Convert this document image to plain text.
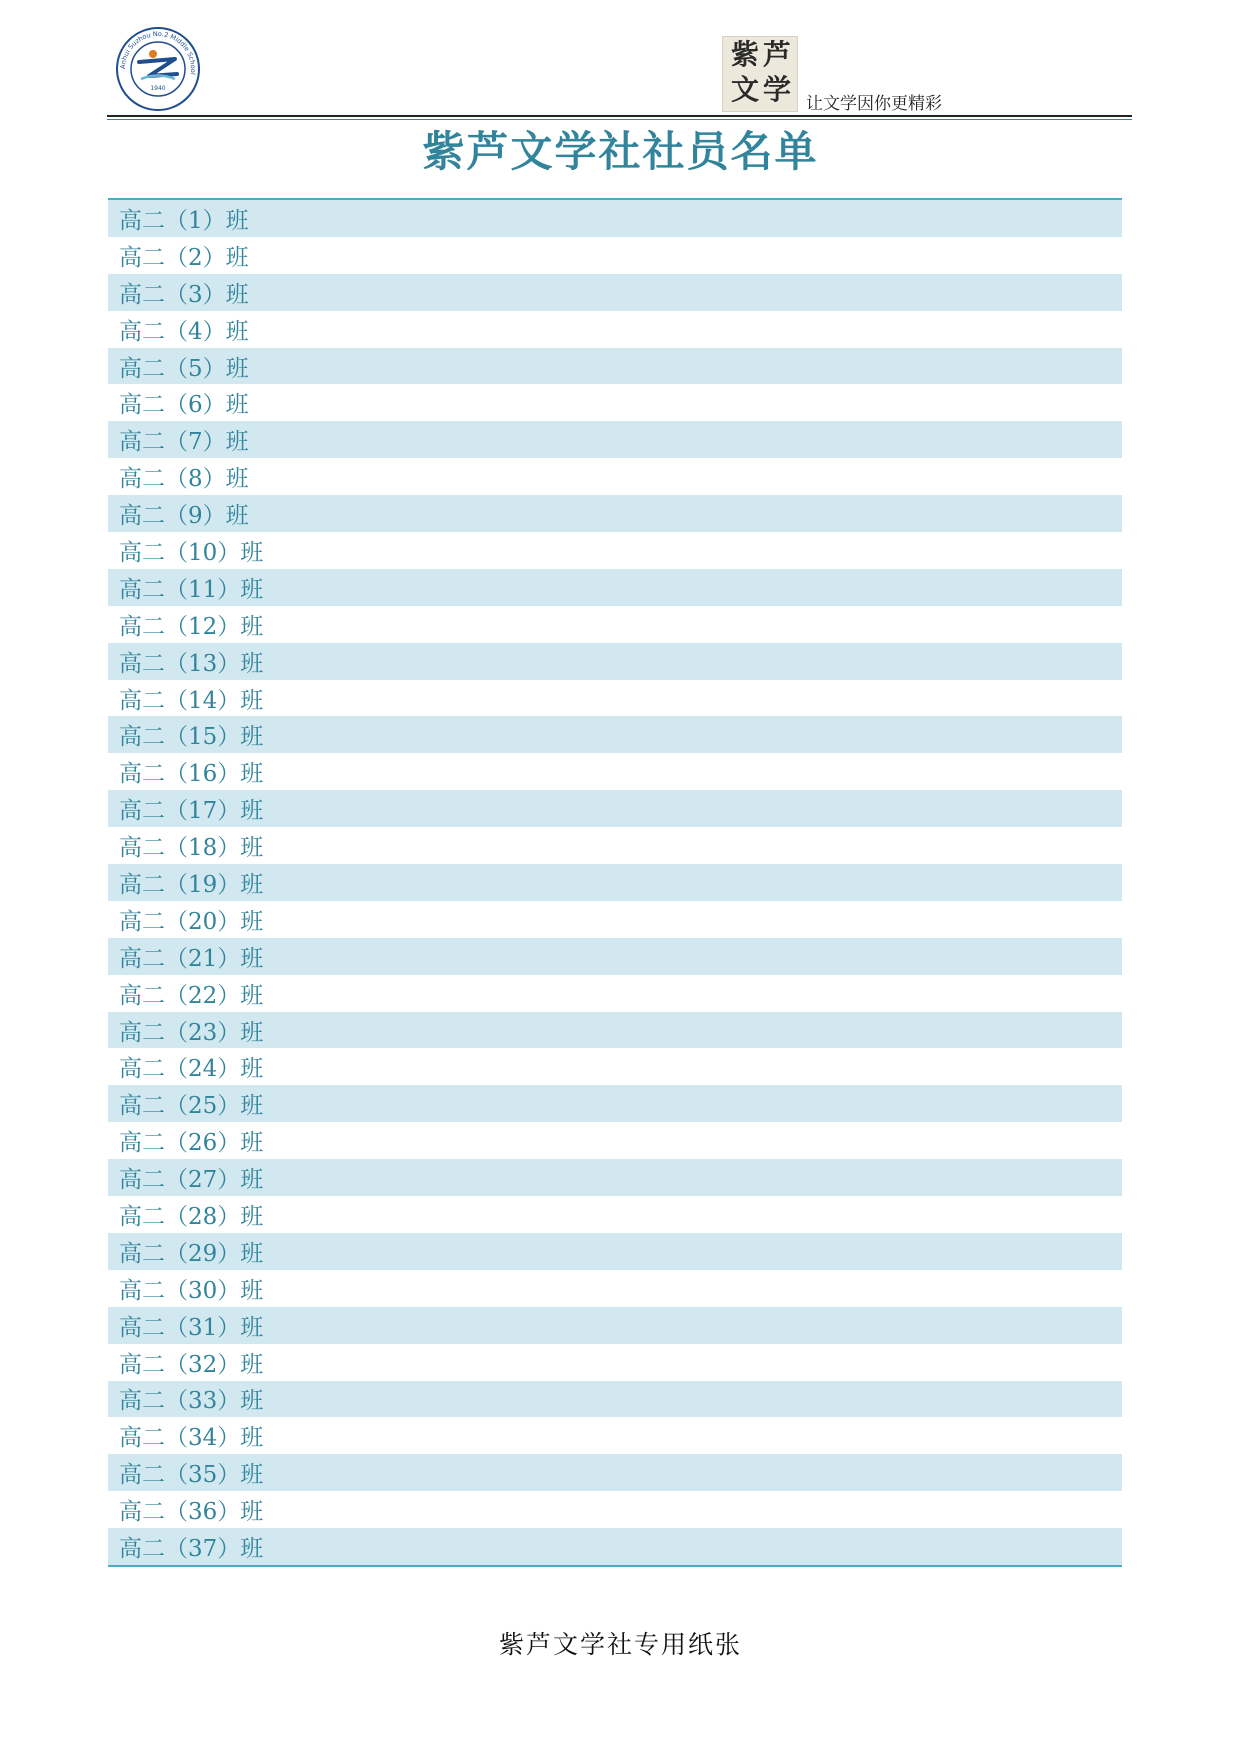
Anhui Suzhou No.2 Middle School
1940
紫 芦
文 学 让文学因你更精彩
紫芦文学社社员名单
高二（1）班
高二（2）班
高二（3）班
高二（4）班
高二（5）班
高二（6）班
高二（7）班
高二（8）班
高二（9）班
高二（10）班
高二（11）班
高二（12）班
高二（13）班
高二（14）班
高二（15）班
高二（16）班
高二（17）班
高二（18）班
高二（19）班
高二（20）班
高二（21）班
高二（22）班
高二（23）班
高二（24）班
高二（25）班
高二（26）班
高二（27）班
高二（28）班
高二（29）班
高二（30）班
高二（31）班
高二（32）班
高二（33）班
高二（34）班
高二（35）班
高二（36）班
高二（37）班
紫芦文学社专用纸张
